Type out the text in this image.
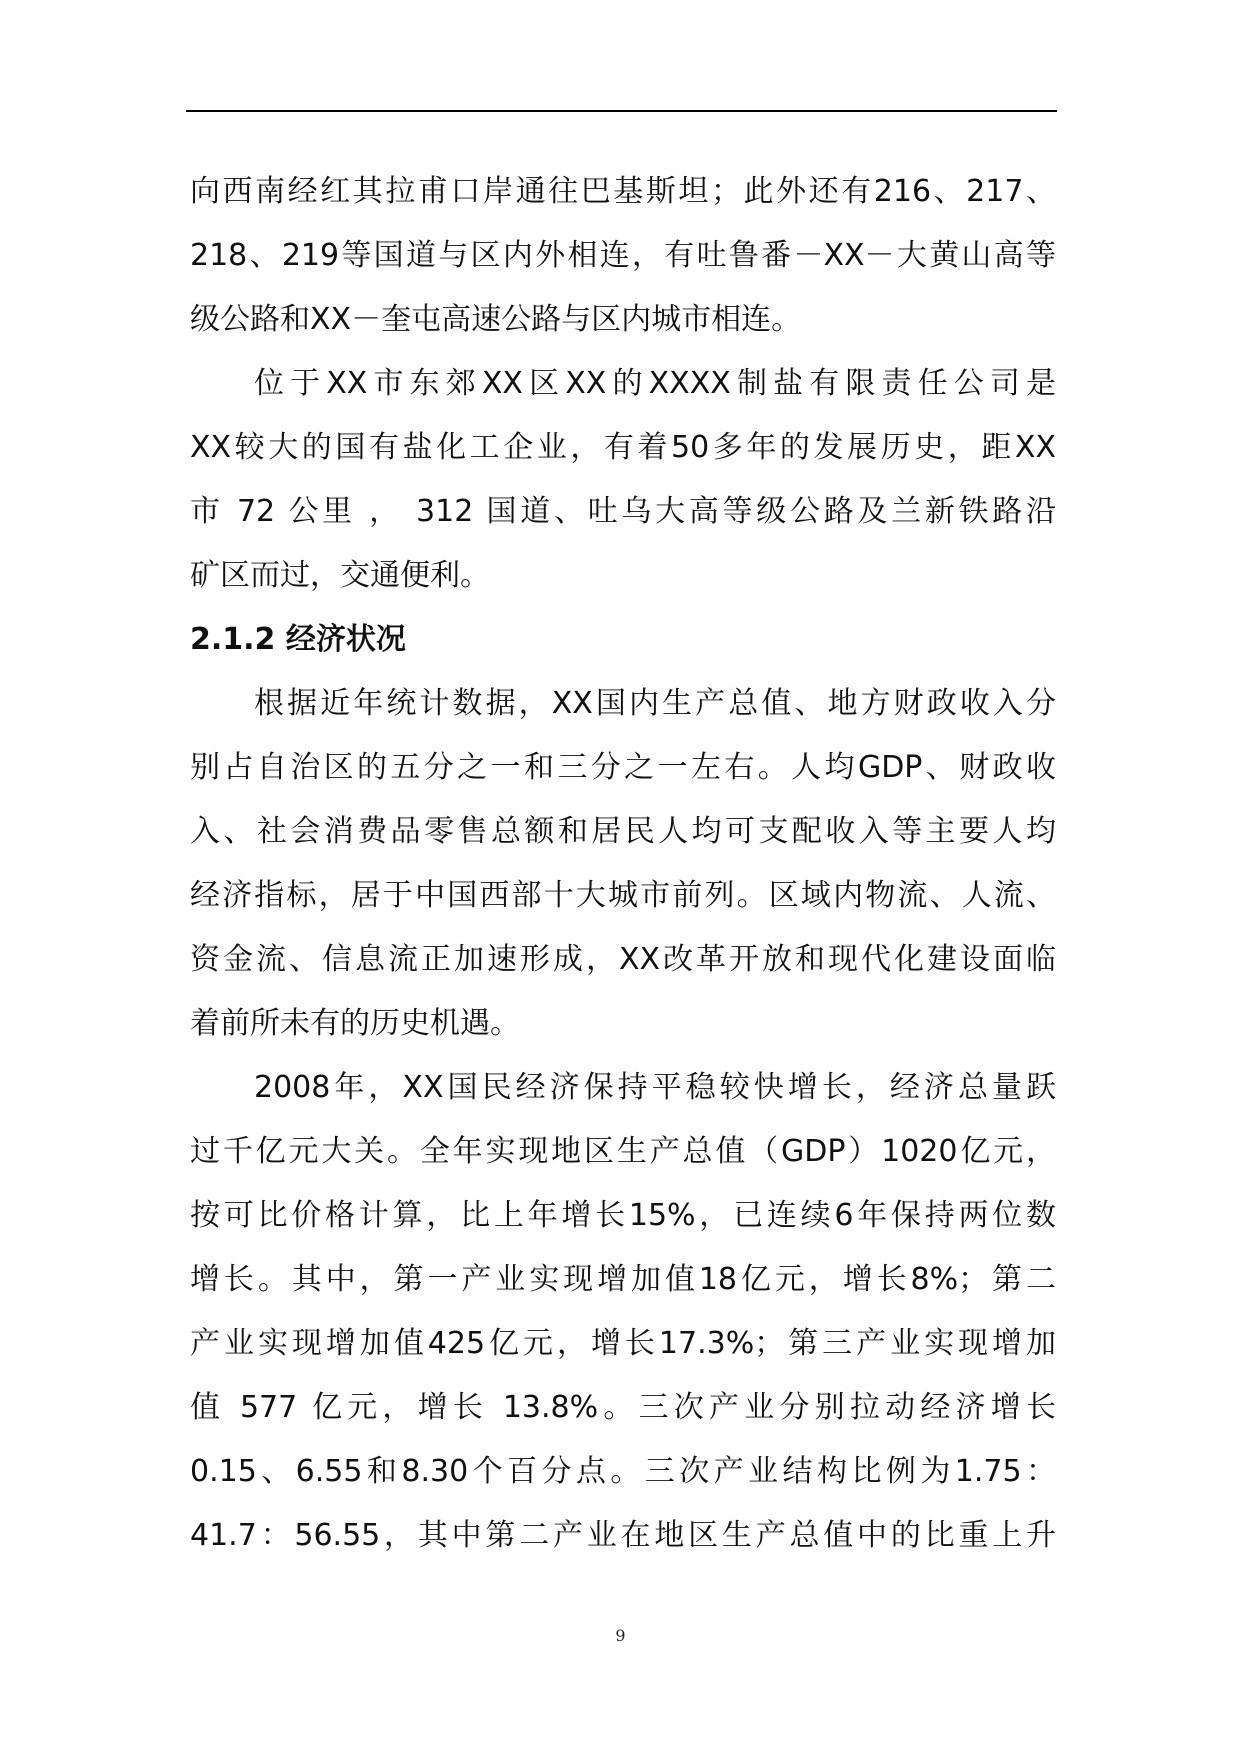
向西南经红其拉甫口岸通往巴基斯坦；此外还有216、217、
218、219等国道与区内外相连，有吐鲁番－XX－大黄山高等
级公路和XX－奎屯高速公路与区内城市相连。
位于XX市东郊XX区XX的XXXX制盐有限责任公司是
XX较大的国有盐化工企业，有着50多年的发展历史，距XX
市 72 公里 ， 312 国道、吐乌大高等级公路及兰新铁路沿
矿区而过，交通便利。
2.1.2 经济状况
根据近年统计数据，XX国内生产总值、地方财政收入分
别占自治区的五分之一和三分之一左右。人均GDP、财政收
入、社会消费品零售总额和居民人均可支配收入等主要人均
经济指标，居于中国西部十大城市前列。区域内物流、人流、
资金流、信息流正加速形成，XX改革开放和现代化建设面临
着前所未有的历史机遇。
2008年，XX国民经济保持平稳较快增长，经济总量跃
过千亿元大关。全年实现地区生产总值（GDP）1020亿元，
按可比价格计算，比上年增长15%，已连续6年保持两位数
增长。其中，第一产业实现增加值18亿元，增长8%；第二
产业实现增加值425亿元，增长17.3%；第三产业实现增加
值 577 亿元，增长 13.8%。三次产业分别拉动经济增长
0.15、6.55和8.30个百分点。三次产业结构比例为1.75：
41.7：56.55，其中第二产业在地区生产总值中的比重上升
9
